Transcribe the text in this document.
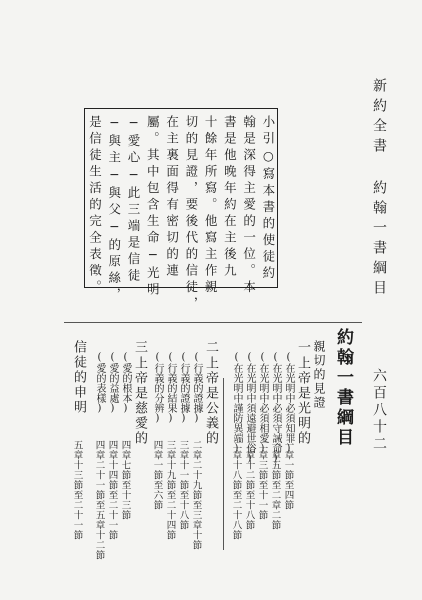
新約全書 約翰一書綱目
六百八十二
小引○寫本書的使徒約
翰是深得主愛的一位。本
書是他晚年約在主後九
十餘年所寫。他寫主作親
切的見證，要後代的信徒，
在主裏面得有密切的連
屬。其中包含生命─光明
─愛心─此三端是信徒
─與主─與父─的原絲，
是信徒生活的完全表徵。
約翰一書綱目
親切的見證
一
上帝是光明的
(在光明中必須知罪)
(在光明中必須守誡命)
(在光明中必須相愛)
(在光明中須遠避世俗)
(在光明中謹防異端)
二
上帝是公義的
(行義的證據)
(行義的證據)
(行義的結果)
(行義的分辨)
三
上帝是慈愛的
(愛的根本)
(愛的益處)
(愛的表樣)
信徒的申明
一章一節至四節
一章五節至二章二節
二章三節至十一節
二章十二節至十八節
二章十八節至二十八節
二章二十九節至三章十節
三章十一節至十八節
三章十九節至二十四節
四章一節至六節
四章七節至十三節
四章十四節至二十一節
四章二十一節至五章十二節
五章十三節至二十一節
